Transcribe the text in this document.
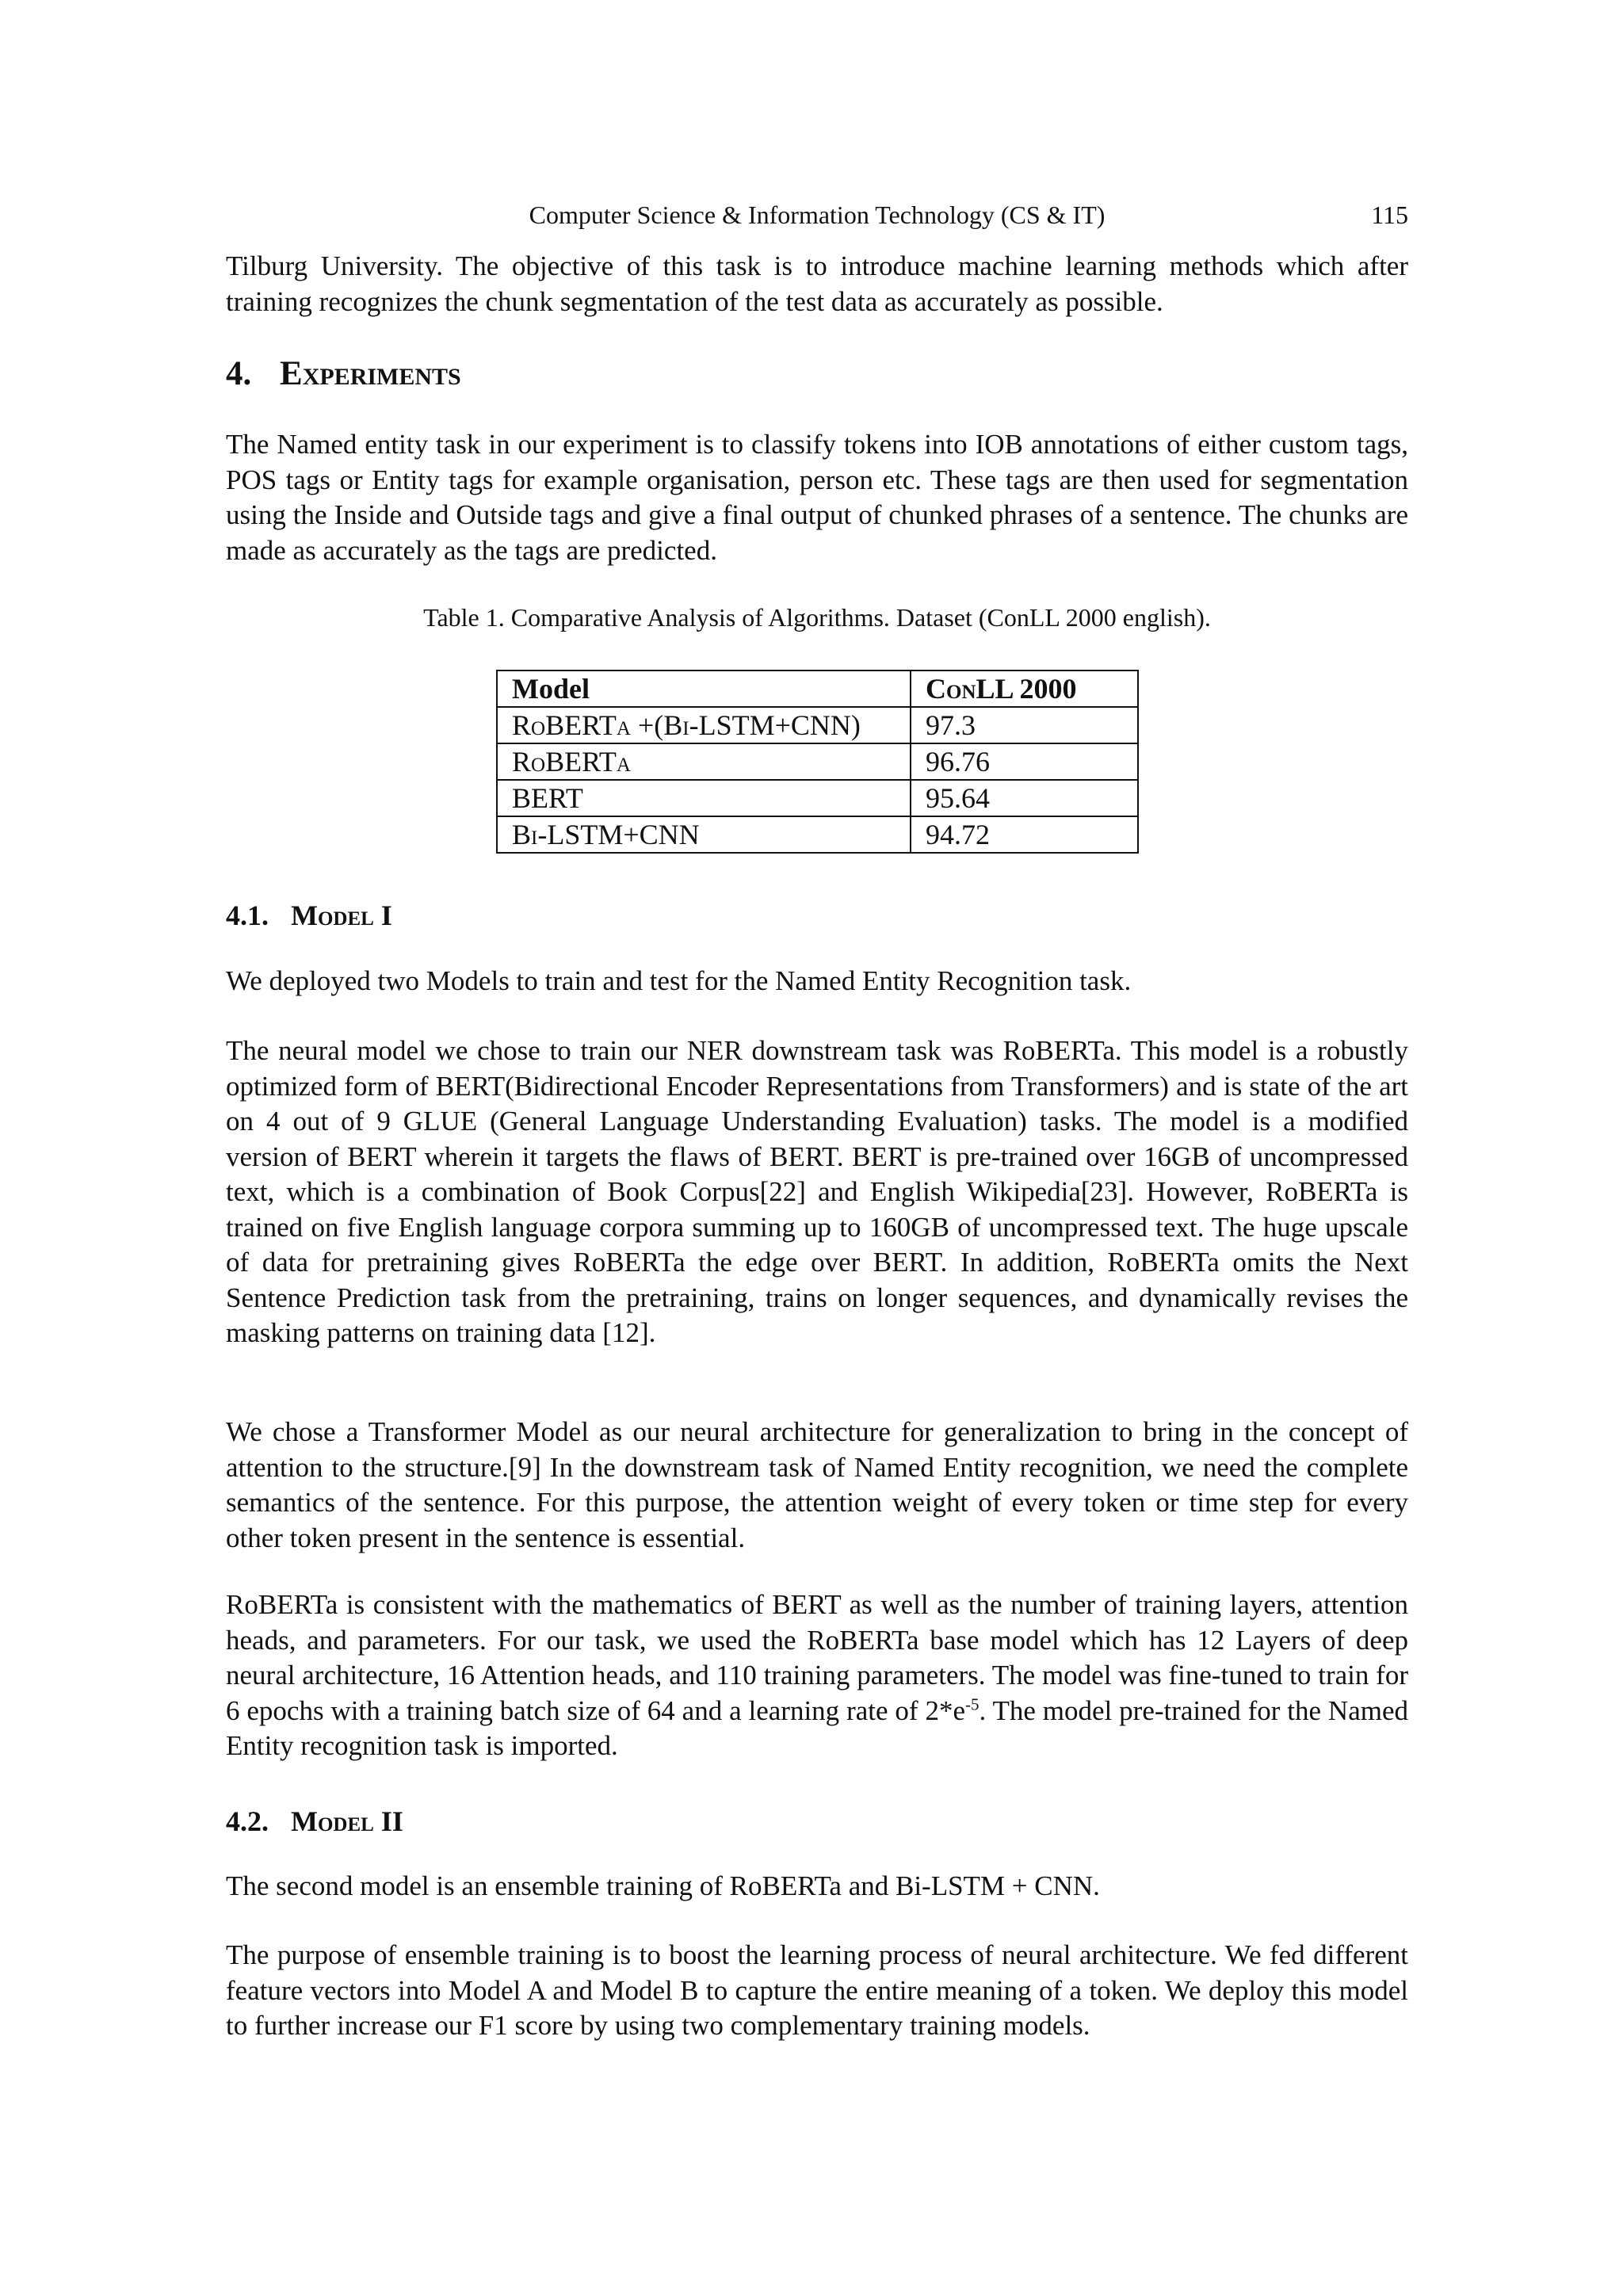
Computer Science & Information Technology (CS & IT)	115

Tilburg University. The objective of this task is to introduce machine learning methods which after training recognizes the chunk segmentation of the test data as accurately as possible.

4. Experiments

The Named entity task in our experiment is to classify tokens into IOB annotations of either custom tags, POS tags or Entity tags for example organisation, person etc. These tags are then used for segmentation using the Inside and Outside tags and give a final output of chunked phrases of a sentence. The chunks are made as accurately as the tags are predicted.

Table 1. Comparative Analysis of Algorithms. Dataset (ConLL 2000 english).
Model	ConLL 2000
RoBERTa +(Bi-LSTM+CNN)	97.3
RoBERTa	96.76
BERT	95.64
Bi-LSTM+CNN	94.72
4.1. Model I

We deployed two Models to train and test for the Named Entity Recognition task.

The neural model we chose to train our NER downstream task was RoBERTa. This model is a robustly optimized form of BERT(Bidirectional Encoder Representations from Transformers) and is state of the art on 4 out of 9 GLUE (General Language Understanding Evaluation) tasks. The model is a modified version of BERT wherein it targets the flaws of BERT. BERT is pre-trained over 16GB of uncompressed text, which is a combination of Book Corpus[22] and English Wikipedia[23]. However, RoBERTa is trained on five English language corpora summing up to 160GB of uncompressed text. The huge upscale of data for pretraining gives RoBERTa the edge over BERT. In addition, RoBERTa omits the Next Sentence Prediction task from the pretraining, trains on longer sequences, and dynamically revises the masking patterns on training data [12].

We chose a Transformer Model as our neural architecture for generalization to bring in the concept of attention to the structure.[9] In the downstream task of Named Entity recognition, we need the complete semantics of the sentence. For this purpose, the attention weight of every token or time step for every other token present in the sentence is essential.

RoBERTa is consistent with the mathematics of BERT as well as the number of training layers, attention heads, and parameters. For our task, we used the RoBERTa base model which has 12 Layers of deep neural architecture, 16 Attention heads, and 110 training parameters. The model was fine-tuned to train for 6 epochs with a training batch size of 64 and a learning rate of $2*e^{-5}$. The model pre-trained for the Named Entity recognition task is imported.

4.2. Model II

The second model is an ensemble training of RoBERTa and Bi-LSTM + CNN.

The purpose of ensemble training is to boost the learning process of neural architecture. We fed different feature vectors into Model A and Model B to capture the entire meaning of a token. We deploy this model to further increase our F1 score by using two complementary training models.
